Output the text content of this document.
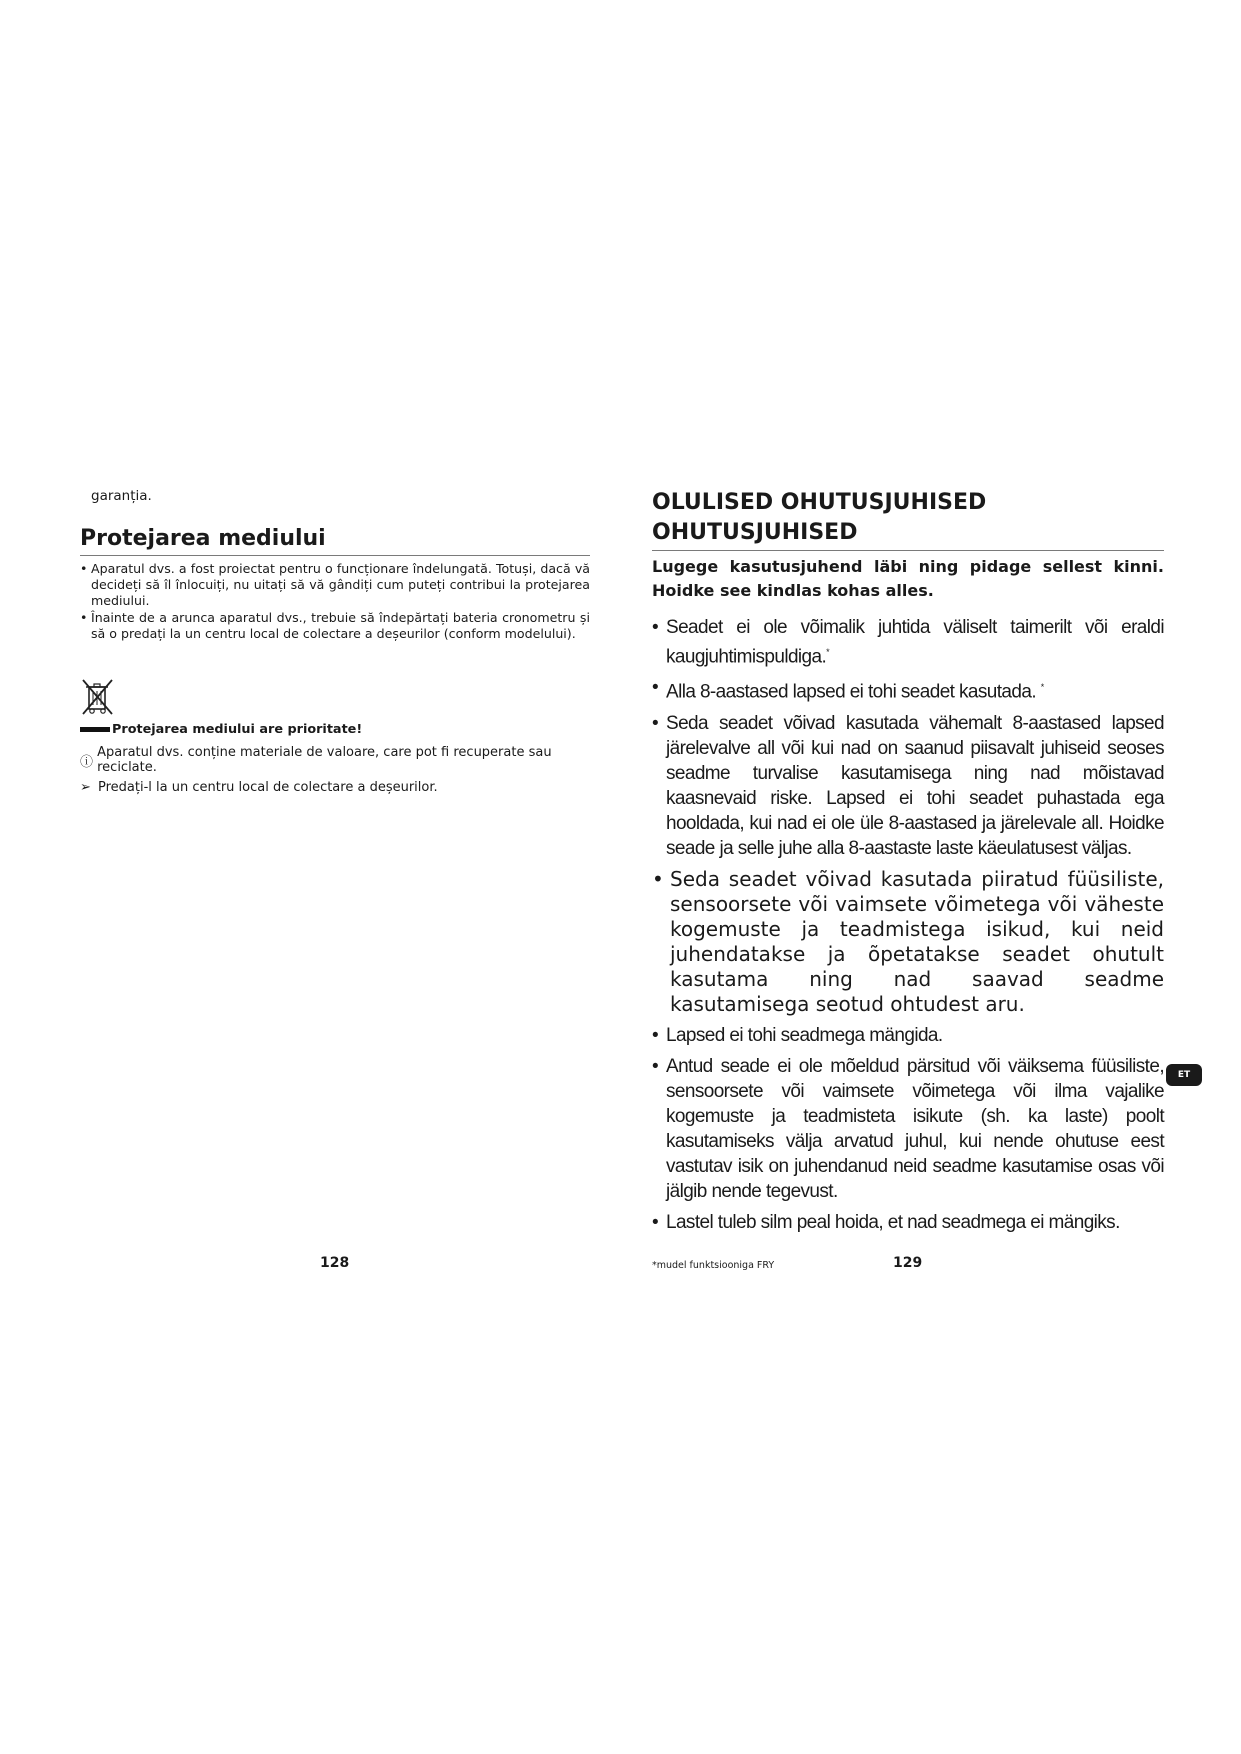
garanția.
Protejarea mediului
• Aparatul dvs. a fost proiectat pentru o funcționare îndelungată. Totuși, dacă vă decideți să îl înlocuiți, nu uitați să vă gândiți cum puteți contribui la protejarea mediului.
• Înainte de a arunca aparatul dvs., trebuie să îndepărtați bateria cronometru și să o predați la un centru local de colectare a deșeurilor (conform modelului).
Protejarea mediului are prioritate!
ⓘ
Aparatul dvs. conține materiale de valoare, care pot fi recuperate sau reciclate.
➢ Predați-l la un centru local de colectare a deșeurilor.
128
OLULISED OHUTUSJUHISED
OHUTUSJUHISED
Lugege kasutusjuhend läbi ning pidage sellest kinni. Hoidke see kindlas kohas alles.
• Seadet ei ole võimalik juhtida väliselt taimerilt või eraldi kaugjuhtimispuldiga.*
• Alla 8-aastased lapsed ei tohi seadet kasutada. *
• Seda seadet võivad kasutada vähemalt 8-aastased lapsed järelevalve all või kui nad on saanud piisavalt juhiseid seoses seadme turvalise kasutamisega ning nad mõistavad kaasnevaid riske. Lapsed ei tohi seadet puhastada ega hooldada, kui nad ei ole üle 8-aastased ja järelevale all. Hoidke seade ja selle juhe alla 8-aastaste laste käeulatusest väljas.
• Seda seadet võivad kasutada piiratud füüsiliste, sensoorsete või vaimsete võimetega või väheste kogemuste ja teadmistega isikud, kui neid juhendatakse ja õpetatakse seadet ohutult kasutama ning nad saavad seadme kasutamisega seotud ohtudest aru.
• Lapsed ei tohi seadmega mängida.
• Antud seade ei ole mõeldud pärsitud või väiksema füüsiliste, sensoorsete või vaimsete võimetega või ilma vajalike kogemuste ja teadmisteta isikute (sh. ka laste) poolt kasutamiseks välja arvatud juhul, kui nende ohutuse eest vastutav isik on juhendanud neid seadme kasutamise osas või jälgib nende tegevust.
• Lastel tuleb silm peal hoida, et nad seadmega ei mängiks.
*mudel funktsiooniga FRY	129
ET
